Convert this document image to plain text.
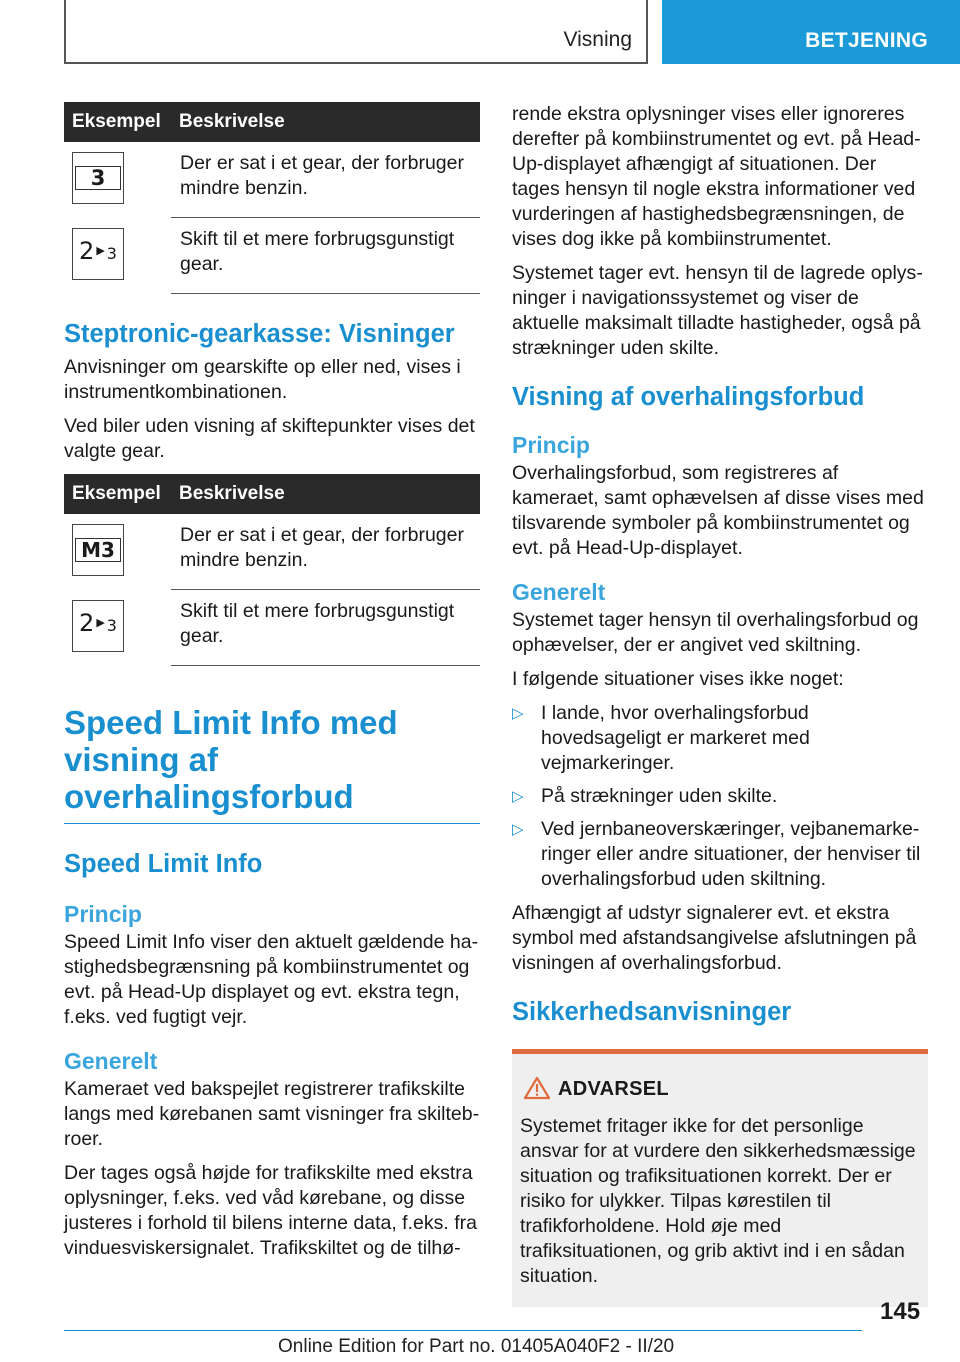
Visning	BETJENING
Eksempel	Beskrivelse

3	Der er sat i et gear, der forbruger mindre benzin.

2 ▶ 3	Skift til et mere forbrugsgunstigt gear.
Steptronic-gearkasse: Visninger

Anvisninger om gearskifte op eller ned, vises i instrumentkombinationen.

Ved biler uden visning af skiftepunkter vises det valgte gear.

Eksempel	Beskrivelse

M3	Der er sat i et gear, der forbruger mindre benzin.

2 ▶ 3	Skift til et mere forbrugsgunstigt gear.
Speed Limit Info med
visning af
overhalingsforbud
Speed Limit Info
Princip

Speed Limit Info viser den aktuelt gældende hastighedsbegrænsning på kombiinstrumentet og evt. på Head-Up displayet og evt. ekstra tegn, f.eks. ved fugtigt vejr.

Generelt

Kameraet ved bakspejlet registrerer trafikskilte langs med kørebanen samt visninger fra skiltebroer.

Der tages også højde for trafikskilte med ekstra oplysninger, f.eks. ved våd kørebane, og disse justeres i forhold til bilens interne data, f.eks. fra vinduesviskersignalet. Trafikskiltet og de tilhø‐

rende ekstra oplysninger vises eller ignoreres derefter på kombiinstrumentet og evt. på Head-Up-displayet afhængigt af situationen. Der tages hensyn til nogle ekstra informationer ved vurderingen af hastighedsbegrænsningen, de vises dog ikke på kombiinstrumentet.

Systemet tager evt. hensyn til de lagrede oplysninger i navigationssystemet og viser de aktuelle maksimalt tilladte hastigheder, også på strækninger uden skilte.

Visning af overhalingsforbud
Princip

Overhalingsforbud, som registreres af kameraet, samt ophævelsen af disse vises med tilsvarende symboler på kombiinstrumentet og evt. på Head-Up-displayet.

Generelt

Systemet tager hensyn til overhalingsforbud og ophævelser, der er angivet ved skiltning.

I følgende situationer vises ikke noget:

▷ I lande, hvor overhalingsforbud hovedsageligt er markeret med vejmarkeringer.
▷ På strækninger uden skilte.
▷ Ved jernbaneoverskæringer, vejbanemarkeringer eller andre situationer, der henviser til overhalingsforbud uden skiltning.

Afhængigt af udstyr signalerer evt. et ekstra symbol med afstandsangivelse afslutningen på visningen af overhalingsforbud.

Sikkerhedsanvisninger
ADVARSEL
Systemet fritager ikke for det personlige ansvar for at vurdere den sikkerhedsmæssige situation og trafiksituationen korrekt. Der er risiko for ulykker. Tilpas kørestilen til trafikforholdene. Hold øje med trafiksituationen, og grib aktivt ind i en sådan situation.
145
Online Edition for Part no. 01405A040F2 - II/20
